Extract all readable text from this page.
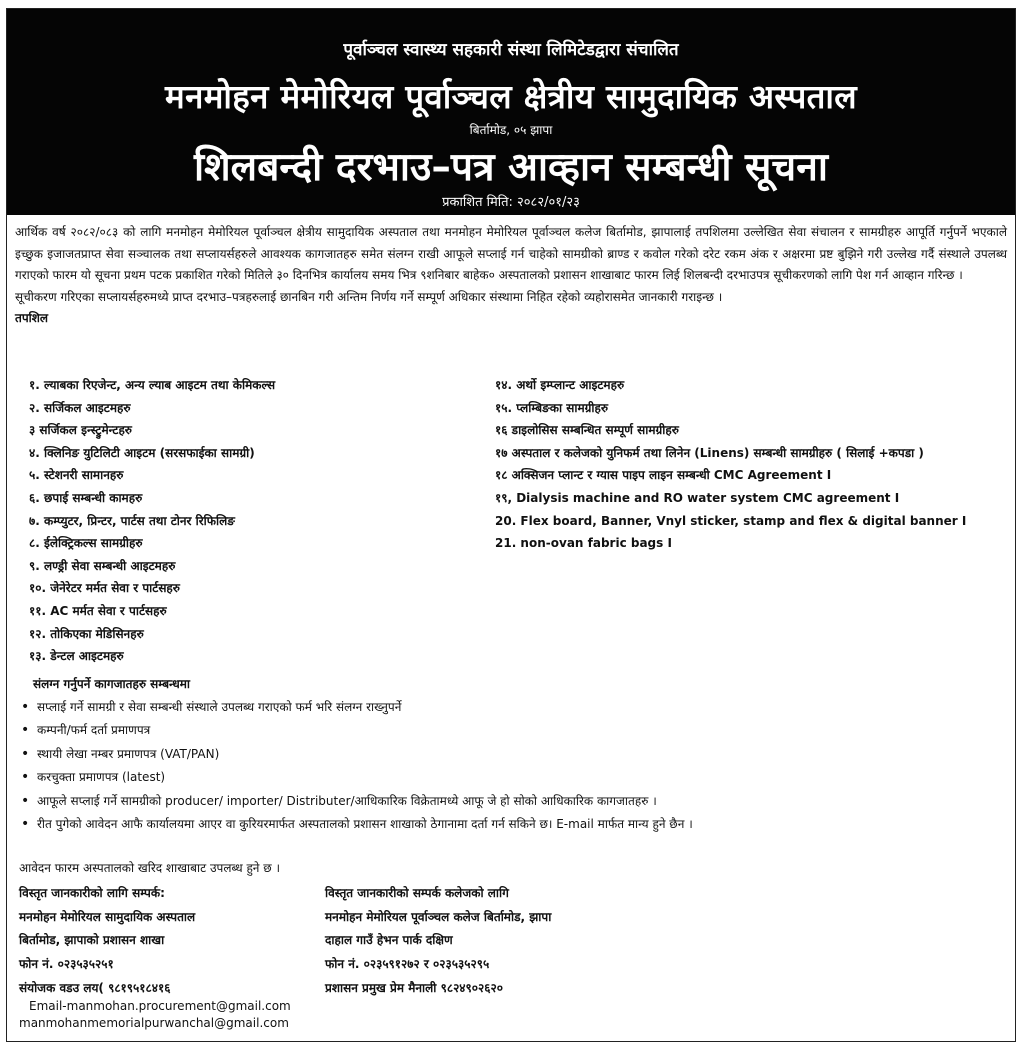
पूर्वाञ्चल स्वास्थ्य सहकारी संस्था लिमिटेडद्वारा संचालित
मनमोहन मेमोरियल पूर्वाञ्चल क्षेत्रीय सामुदायिक अस्पताल
बिर्तामोड, ०५ झापा
शिलबन्दी दरभाउ–पत्र आव्हान सम्बन्धी सूचना
प्रकाशित मिति: २०८२/०१/२३

आर्थिक वर्ष २०८२/०८३ को लागि मनमोहन मेमोरियल पूर्वाञ्चल क्षेत्रीय सामुदायिक अस्पताल तथा मनमोहन मेमोरियल पूर्वाञ्चल कलेज बिर्तामोड, झापालाई तपशिलमा उल्लेखित सेवा संचालन र सामग्रीहरु आपूर्ति गर्नुपर्ने भएकाले इच्छुक इजाजतप्राप्त सेवा सञ्चालक तथा सप्लायर्सहरुले आवश्यक कागजातहरु समेत संलग्न राखी आफूले सप्लाई गर्न चाहेको सामग्रीको ब्राण्ड र कवोल गरेको दरेट रकम अंक र अक्षरमा प्रष्ट बुझिने गरी उल्लेख गर्दै संस्थाले उपलब्ध गराएको फारम यो सूचना प्रथम पटक प्रकाशित गरेको मितिले ३० दिनभित्र कार्यालय समय भित्र ९शनिबार बाहेक० अस्पतालको प्रशासन शाखाबाट फारम लिई शिलबन्दी दरभाउपत्र सूचीकरणको लागि पेश गर्न आव्हान गरिन्छ ।

सूचीकरण गरिएका सप्लायर्सहरुमध्ये प्राप्त दरभाउ–पत्रहरुलाई छानबिन गरी अन्तिम निर्णय गर्ने सम्पूर्ण अधिकार संस्थामा निहित रहेको व्यहोरासमेत जानकारी गराइन्छ ।

तपशिल

१. ल्याबका रिएजेन्ट, अन्य ल्याब आइटम तथा केमिकल्स
२. सर्जिकल आइटमहरु
३ सर्जिकल इन्स्ट्रुमेन्टहरु
४. क्लिनिङ युटिलिटी आइटम (सरसफाईका सामग्री)
५. स्टेशनरी सामानहरु
६. छपाई सम्बन्धी कामहरु
७. कम्प्युटर, प्रिन्टर, पार्टस तथा टोनर रिफिलिङ
८. ईलेक्ट्रिकल्स सामग्रीहरु
९. लण्ड्री सेवा सम्बन्धी आइटमहरु
१०. जेनेरेटर मर्मत सेवा र पार्टसहरु
११. AC मर्मत सेवा र पार्टसहरु
१२. तोकिएका मेडिसिनहरु
१३. डेन्टल आइटमहरु
१४. अर्थो इम्प्लान्ट आइटमहरु
१५. प्लम्बिङका सामग्रीहरु
१६ डाइलोसिस सम्बन्धित सम्पूर्ण सामग्रीहरु
१७ अस्पताल र कलेजको युनिफर्म तथा लिनेन (Linens) सम्बन्धी सामग्रीहरु ( सिलाई +कपडा )
१८ अक्सिजन प्लान्ट र ग्यास पाइप लाइन सम्बन्धी CMC Agreement I
१९, Dialysis machine and RO water system CMC agreement I
20. Flex board, Banner, Vnyl sticker, stamp and flex & digital banner I
21. non-ovan fabric bags I
संलग्न गर्नुपर्ने कागजातहरु सम्बन्धमा
• सप्लाई गर्ने सामग्री र सेवा सम्बन्धी संस्थाले उपलब्ध गराएको फर्म भरि संलग्न राख्नुपर्ने
• कम्पनी/फर्म दर्ता प्रमाणपत्र
• स्थायी लेखा नम्बर प्रमाणपत्र (VAT/PAN)
• करचुक्ता प्रमाणपत्र (latest)
• आफूले सप्लाई गर्ने सामग्रीको producer/ importer/ Distributer/आधिकारिक विक्रेतामध्ये आफू जे हो सोको आधिकारिक कागजातहरु ।
• रीत पुगेको आवेदन आफै कार्यालयमा आएर वा कुरियरमार्फत अस्पतालको प्रशासन शाखाको ठेगानामा दर्ता गर्न सकिने छ। E-mail मार्फत मान्य हुने छैन ।
आवेदन फारम अस्पतालको खरिद शाखाबाट उपलब्ध हुने छ ।
विस्तृत जानकारीको लागि सम्पर्क:
मनमोहन मेमोरियल सामुदायिक अस्पताल
बिर्तामोड, झापाको प्रशासन शाखा
फोन नं. ०२३५३५२५१
संयोजक वडउ लय( ९८१९५१८४१६
विस्तृत जानकारीको सम्पर्क कलेजको लागि
मनमोहन मेमोरियल पूर्वाञ्चल कलेज बिर्तामोड, झापा
दाहाल गाउँ हेभन पार्क दक्षिण
फोन नं. ०२३५९१२७२ र ०२३५३५२९५
प्रशासन प्रमुख प्रेम मैनाली ९८२४९०२६२०
Email-manmohan.procurement@gmail.com
manmohanmemorialpurwanchal@gmail.com
